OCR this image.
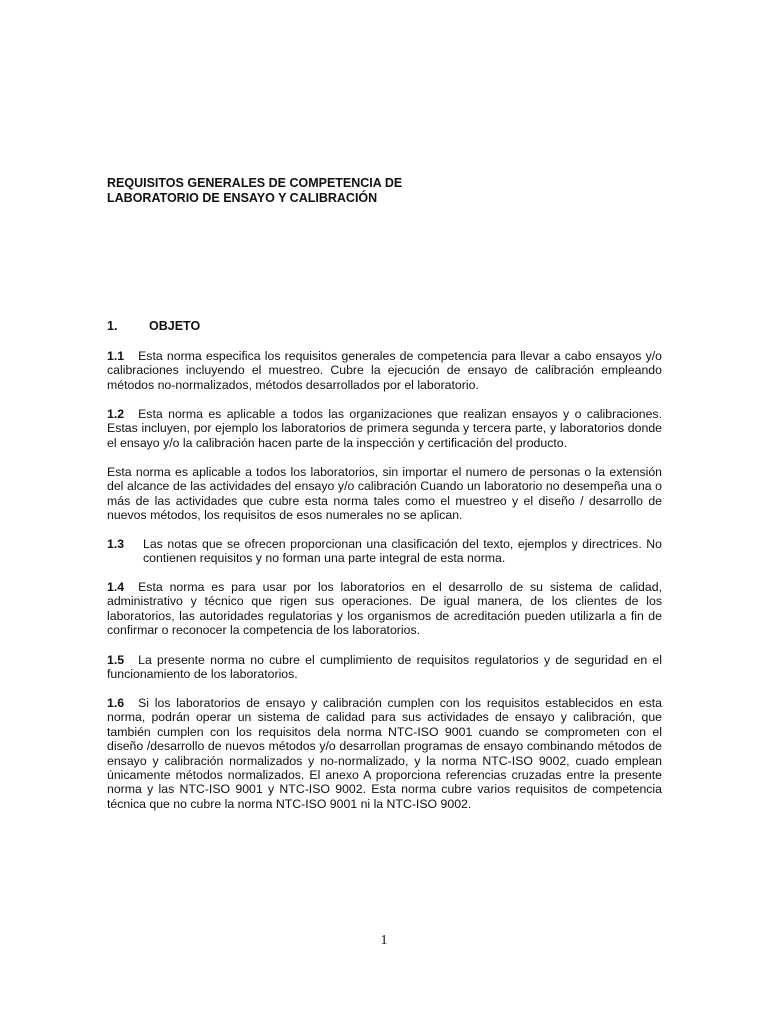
REQUISITOS GENERALES DE COMPETENCIA DE
LABORATORIO DE ENSAYO Y CALIBRACIÓN
1.	OBJETO

1.1 Esta norma especifica los requisitos generales de competencia para llevar a cabo ensayos y/o calibraciones incluyendo el muestreo. Cubre la ejecución de ensayo de calibración empleando métodos no-normalizados, métodos desarrollados por el laboratorio.

1.2 Esta norma es aplicable a todos las organizaciones que realizan ensayos y o calibraciones. Estas incluyen, por ejemplo los laboratorios de primera segunda y tercera parte, y laboratorios donde el ensayo y/o la calibración hacen parte de la inspección y certificación del producto.

Esta norma es aplicable a todos los laboratorios, sin importar el numero de personas o la extensión del alcance de las actividades del ensayo y/o calibración Cuando un laboratorio no desempeña una o más de las actividades que cubre esta norma tales como el muestreo y el diseño / desarrollo de nuevos métodos, los requisitos de esos numerales no se aplican.

1.3 Las notas que se ofrecen proporcionan una clasificación del texto, ejemplos y directrices. No contienen requisitos y no forman una parte integral de esta norma.

1.4 Esta norma es para usar por los laboratorios en el desarrollo de su sistema de calidad, administrativo y técnico que rigen sus operaciones. De igual manera, de los clientes de los laboratorios, las autoridades regulatorias y los organismos de acreditación pueden utilizarla a fin de confirmar o reconocer la competencia de los laboratorios.

1.5 La presente norma no cubre el cumplimiento de requisitos regulatorios y de seguridad en el funcionamiento de los laboratorios.

1.6 Si los laboratorios de ensayo y calibración cumplen con los requisitos establecidos en esta norma, podrán operar un sistema de calidad para sus actividades de ensayo y calibración, que también cumplen con los requisitos dela norma NTC-ISO 9001 cuando se comprometen con el diseño /desarrollo de nuevos métodos y/o desarrollan programas de ensayo combinando métodos de ensayo y calibración normalizados y no-normalizado, y la norma NTC-ISO 9002, cuado emplean únicamente métodos normalizados. El anexo A proporciona referencias cruzadas entre la presente norma y las NTC-ISO 9001 y NTC-ISO 9002. Esta norma cubre varios requisitos de competencia técnica que no cubre la norma NTC-ISO 9001 ni la NTC-ISO 9002.

1
